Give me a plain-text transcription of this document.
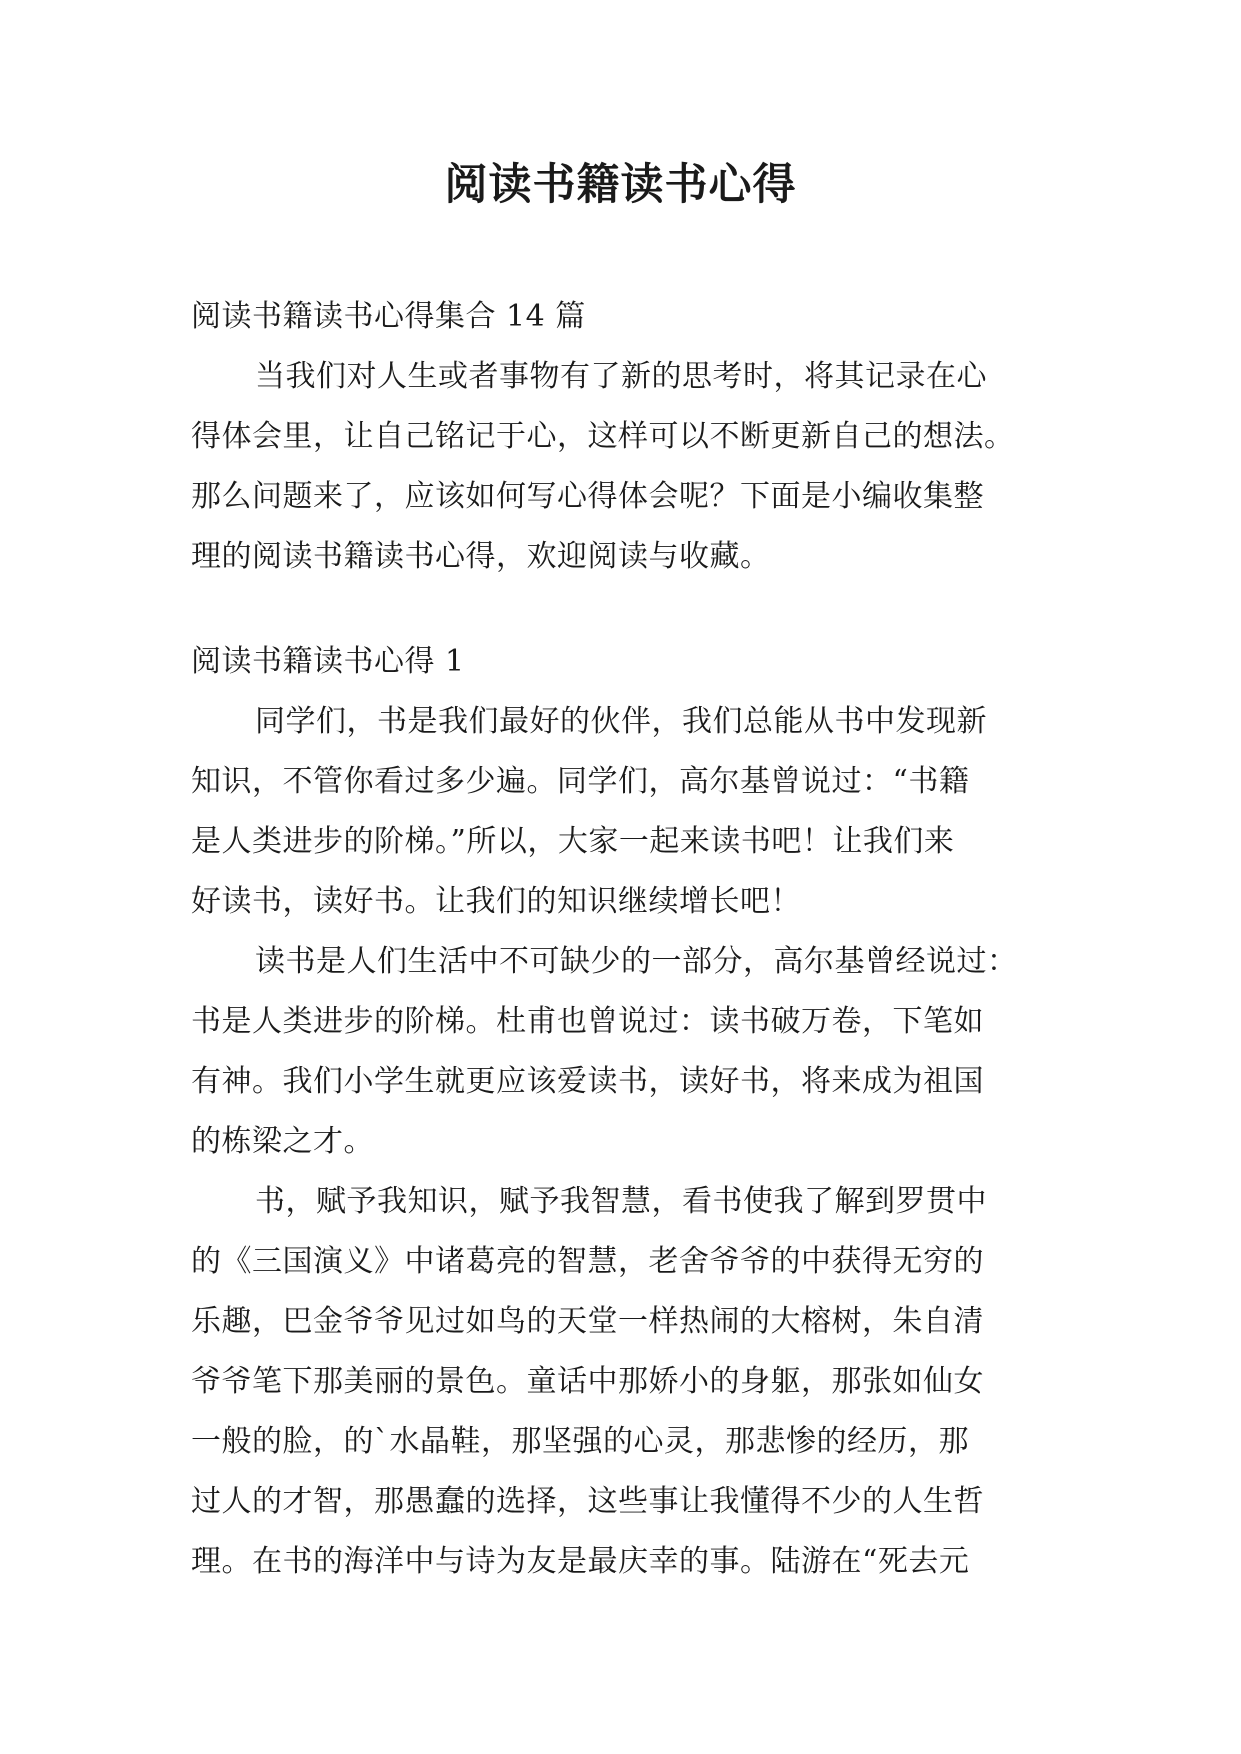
阅读书籍读书心得
阅读书籍读书心得集合 14 篇
当我们对人生或者事物有了新的思考时，将其记录在心
得体会里，让自己铭记于心，这样可以不断更新自己的想法。
那么问题来了，应该如何写心得体会呢？下面是小编收集整
理的阅读书籍读书心得，欢迎阅读与收藏。
阅读书籍读书心得 1
同学们，书是我们最好的伙伴，我们总能从书中发现新
知识，不管你看过多少遍。同学们，高尔基曾说过：“书籍
是人类进步的阶梯。”所以，大家一起来读书吧！让我们来
好读书，读好书。让我们的知识继续增长吧！
读书是人们生活中不可缺少的一部分，高尔基曾经说过：
书是人类进步的阶梯。杜甫也曾说过：读书破万卷，下笔如
有神。我们小学生就更应该爱读书，读好书，将来成为祖国
的栋梁之才。
书，赋予我知识，赋予我智慧，看书使我了解到罗贯中
的《三国演义》中诸葛亮的智慧，老舍爷爷的中获得无穷的
乐趣，巴金爷爷见过如鸟的天堂一样热闹的大榕树，朱自清
爷爷笔下那美丽的景色。童话中那娇小的身躯，那张如仙女
一般的脸，的`水晶鞋，那坚强的心灵，那悲惨的经历，那
过人的才智，那愚蠢的选择，这些事让我懂得不少的人生哲
理。在书的海洋中与诗为友是最庆幸的事。陆游在“死去元
